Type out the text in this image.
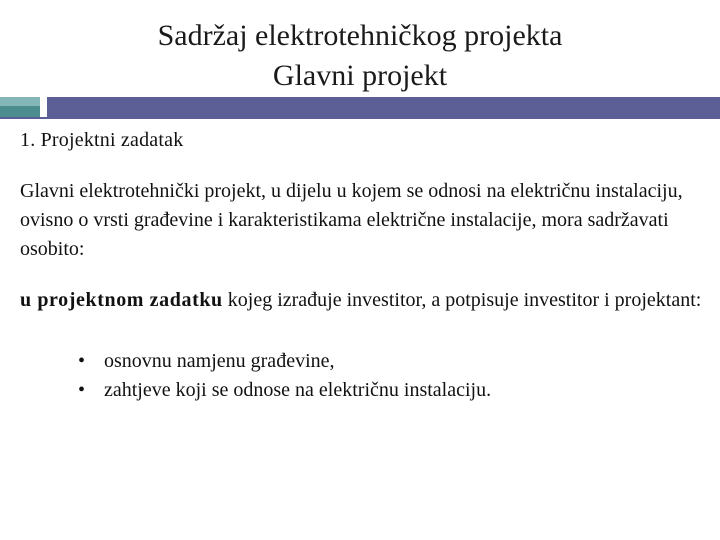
Sadržaj elektrotehničkog projekta
Glavni projekt
1. Projektni zadatak
Glavni elektrotehnički projekt, u dijelu u kojem se odnosi na električnu instalaciju, ovisno o vrsti građevine i karakteristikama električne instalacije, mora sadržavati osobito:
u projektnom zadatku kojeg izrađuje investitor, a potpisuje investitor i projektant:
• osnovnu namjenu građevine,
• zahtjeve koji se odnose na električnu instalaciju.
